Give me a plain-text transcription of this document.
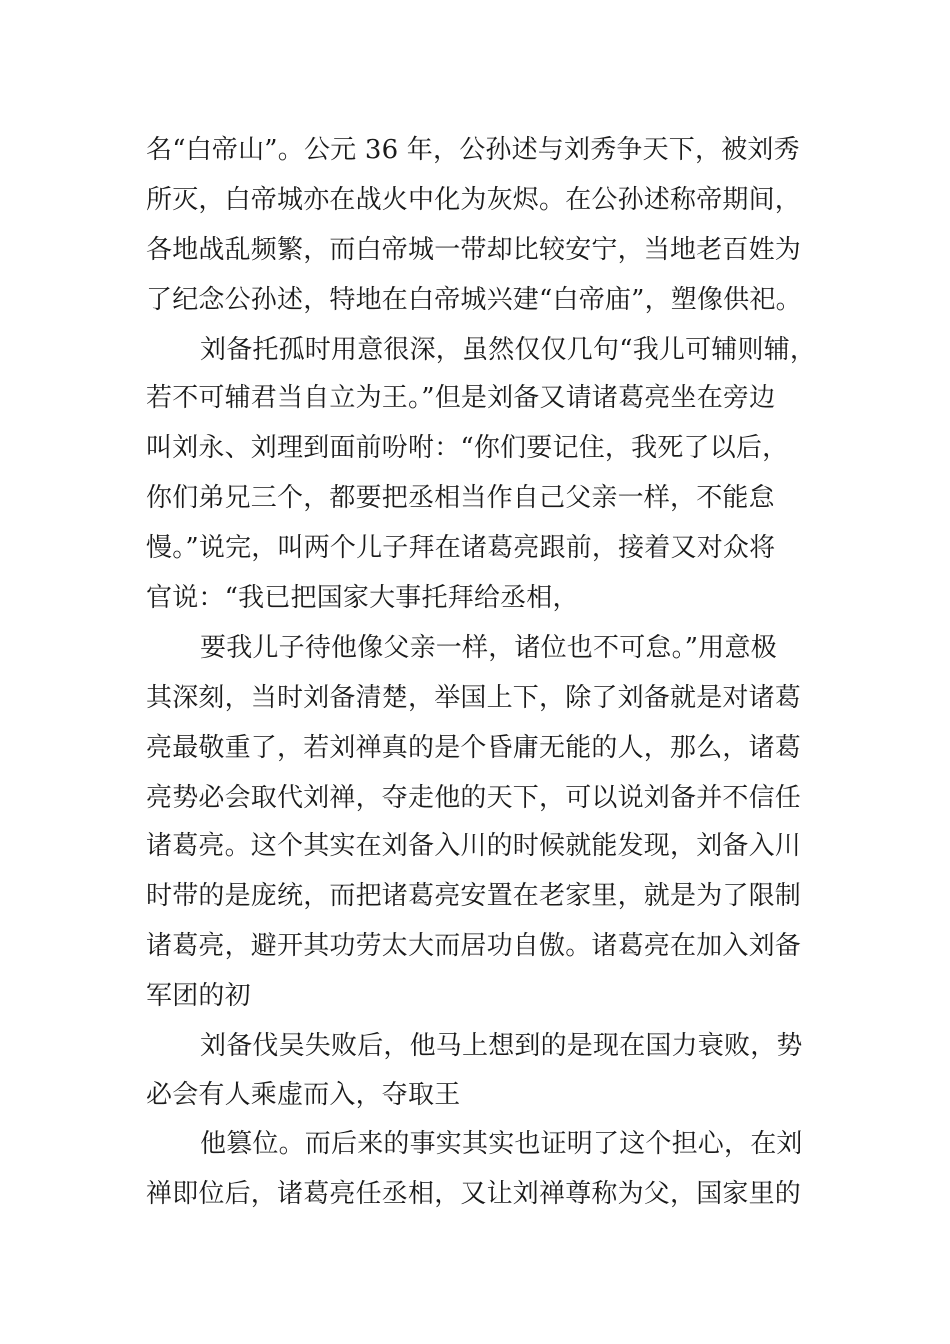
名“白帝山”。公元 36 年，公孙述与刘秀争天下，被刘秀
所灭，白帝城亦在战火中化为灰烬。在公孙述称帝期间，
各地战乱频繁，而白帝城一带却比较安宁，当地老百姓为
了纪念公孙述，特地在白帝城兴建“白帝庙”，塑像供祀。
刘备托孤时用意很深，虽然仅仅几句“我儿可辅则辅，
若不可辅君当自立为王。”但是刘备又请诸葛亮坐在旁边
叫刘永、刘理到面前吩咐：“你们要记住，我死了以后，
你们弟兄三个，都要把丞相当作自己父亲一样，不能怠
慢。”说完，叫两个儿子拜在诸葛亮跟前，接着又对众将
官说：“我已把国家大事托拜给丞相，
要我儿子待他像父亲一样，诸位也不可怠。”用意极
其深刻，当时刘备清楚，举国上下，除了刘备就是对诸葛
亮最敬重了，若刘禅真的是个昏庸无能的人，那么，诸葛
亮势必会取代刘禅，夺走他的天下，可以说刘备并不信任
诸葛亮。这个其实在刘备入川的时候就能发现，刘备入川
时带的是庞统，而把诸葛亮安置在老家里，就是为了限制
诸葛亮，避开其功劳太大而居功自傲。诸葛亮在加入刘备
军团的初
刘备伐吴失败后，他马上想到的是现在国力衰败，势
必会有人乘虚而入，夺取王
他篡位。而后来的事实其实也证明了这个担心，在刘
禅即位后，诸葛亮任丞相，又让刘禅尊称为父，国家里的
